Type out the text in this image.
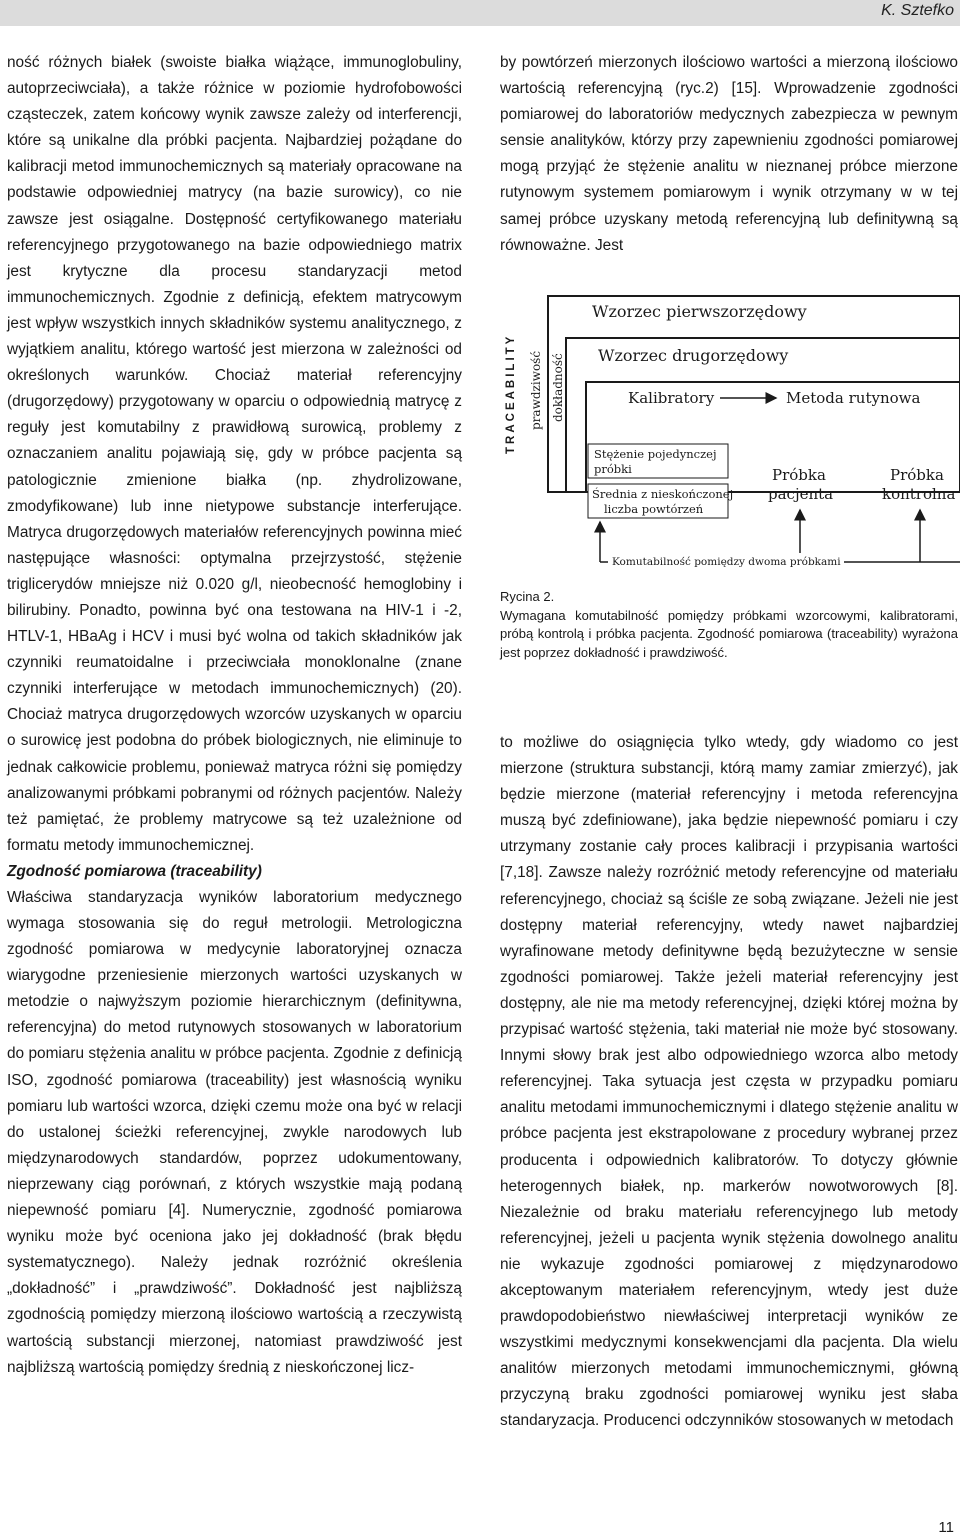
K. Sztefko

ność różnych białek (swoiste białka wiążące, immunoglobuliny, autoprzeciwciała), a także różnice w poziomie hydrofobowości cząsteczek, zatem końcowy wynik zawsze zależy od interferencji, które są unikalne dla próbki pacjenta. Najbardziej pożądane do kalibracji metod immunochemicznych są materiały opracowane na podstawie odpowiedniej matrycy (na bazie surowicy), co nie zawsze jest osiągalne. Dostępność certyfikowanego materiału referencyjnego przygotowanego na bazie odpowiedniego matrix jest krytyczne dla procesu standaryzacji metod immunochemicznych. Zgodnie z definicją, efektem matrycowym jest wpływ wszystkich innych składników systemu analitycznego, z wyjątkiem analitu, którego wartość jest mierzona w zależności od określonych warunków. Chociaż materiał referencyjny (drugorzędowy) przygotowany w oparciu o odpowiednią matrycę z reguły jest komutabilny z prawidłową surowicą, problemy z oznaczaniem analitu pojawiają się, gdy w próbce pacjenta są patologicznie zmienione białka (np. zhydrolizowane, zmodyfikowane) lub inne nietypowe substancje interferujące. Matryca drugorzędowych materiałów referencyjnych powinna mieć następujące własności: optymalna przejrzystość, stężenie triglicerydów mniejsze niż 0.020 g/l, nieobecność hemoglobiny i bilirubiny. Ponadto, powinna być ona testowana na HIV-1 i -2, HTLV-1, HBaAg i HCV i musi być wolna od takich składników jak czynniki reumatoidalne i przeciwciała monoklonalne (znane czynniki interferujące w metodach immunochemicznych) (20). Chociaż matryca drugorzędowych wzorców uzyskanych w oparciu o surowicę jest podobna do próbek biologicznych, nie eliminuje to jednak całkowicie problemu, ponieważ matryca różni się pomiędzy analizowanymi próbkami pobranymi od różnych pacjentów. Należy też pamiętać, że problemy matrycowe są też uzależnione od formatu metody immunochemicznej.

Zgodność pomiarowa (traceability)

Właściwa standaryzacja wyników laboratorium medycznego wymaga stosowania się do reguł metrologii. Metrologiczna zgodność pomiarowa w medycynie laboratoryjnej oznacza wiarygodne przeniesienie mierzonych wartości uzyskanych w metodzie o najwyższym poziomie hierarchicznym (definitywna, referencyjna) do metod rutynowych stosowanych w laboratorium do pomiaru stężenia analitu w próbce pacjenta. Zgodnie z definicją ISO, zgodność pomiarowa (traceability) jest własnością wyniku pomiaru lub wartości wzorca, dzięki czemu może ona być w relacji do ustalonej ścieżki referencyjnej, zwykle narodowych lub międzynarodowych standardów, poprzez udokumentowany, nieprzewany ciąg porównań, z których wszystkie mają podaną niepewność pomiaru [4]. Numerycznie, zgodność pomiarowa wyniku może być oceniona jako jej dokładność (brak błędu systematycznego). Należy jednak rozróżnić określenia „dokładność” i „prawdziwość”. Dokładność jest najbliższą zgodnością pomiędzy mierzoną ilościowo wartością a rzeczywistą wartością substancji mierzonej, natomiast prawdziwość jest najbliższą wartością pomiędzy średnią z nieskończonej licz-

by powtórzeń mierzonych ilościowo wartości a mierzoną ilościowo wartością referencyjną (ryc.2) [15]. Wprowadzenie zgodności pomiarowej do laboratoriów medycznych zabezpiecza w pewnym sensie analityków, którzy przy zapewnieniu zgodności pomiarowej mogą przyjąć że stężenie analitu w nieznanej próbce mierzone rutynowym systemem pomiarowym i wynik otrzymany w w tej samej próbce uzyskany metodą referencyjną lub definitywną są równoważne. Jest

Wzorzec pierwszorzędowy
Wzorzec drugorzędowy
Kalibratory	Metoda rutynowa
TRACEABILITY prawdziwość dokładność
Stężenie pojedynczej
próbki
Średnia z nieskończonej
liczba powtórzeń
Próbka
pacjenta
Próbka
kontrolna
Komutabilność pomiędzy dwoma próbkami

Rycina 2.

Wymagana komutabilność pomiędzy próbkami wzorcowymi, kalibratorami, próbą kontrolą i próbka pacjenta. Zgodność pomiarowa (traceability) wyrażona jest poprzez dokładność i prawdziwość.

to możliwe do osiągnięcia tylko wtedy, gdy wiadomo co jest mierzone (struktura substancji, którą mamy zamiar zmierzyć), jak będzie mierzone (materiał referencyjny i metoda referencyjna muszą być zdefiniowane), jaka będzie niepewność pomiaru i czy utrzymany zostanie cały proces kalibracji i przypisania wartości [7,18]. Zawsze należy rozróżnić metody referencyjne od materiału referencyjnego, chociaż są ściśle ze sobą związane. Jeżeli nie jest dostępny materiał referencyjny, wtedy nawet najbardziej wyrafinowane metody definitywne będą bezużyteczne w sensie zgodności pomiarowej. Także jeżeli materiał referencyjny jest dostępny, ale nie ma metody referencyjnej, dzięki której można by przypisać wartość stężenia, taki materiał nie może być stosowany. Innymi słowy brak jest albo odpowiedniego wzorca albo metody referencyjnej. Taka sytuacja jest częsta w przypadku pomiaru analitu metodami immunochemicznymi i dlatego stężenie analitu w próbce pacjenta jest ekstrapolowane z procedury wybranej przez producenta i odpowiednich kalibratorów. To dotyczy głównie heterogennych białek, np. markerów nowotworowych [8]. Niezależnie od braku materiału referencyjnego lub metody referencyjnej, jeżeli u pacjenta wynik stężenia dowolnego analitu nie wykazuje zgodności pomiarowej z międzynarodowo akceptowanym materiałem referencyjnym, wtedy jest duże prawdopodobieństwo niewłaściwej interpretacji wyników ze wszystkimi medycznymi konsekwencjami dla pacjenta. Dla wielu analitów mierzonych metodami immunochemicznymi, główną przyczyną braku zgodności pomiarowej wyniku jest słaba standaryzacja. Producenci odczynników stosowanych w metodach

11
